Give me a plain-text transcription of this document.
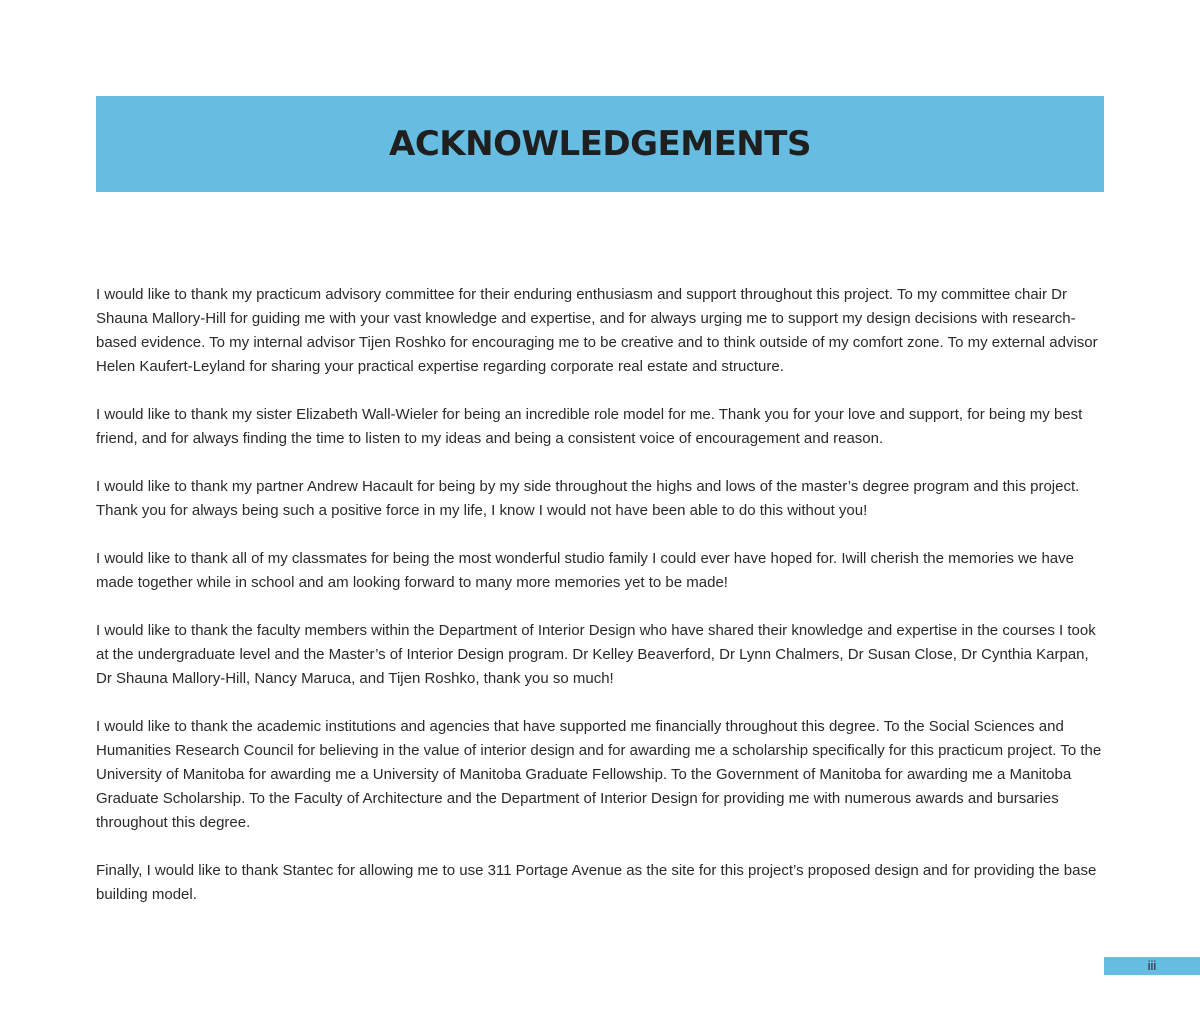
ACKNOWLEDGEMENTS

I would like to thank my practicum advisory committee for their enduring enthusiasm and support throughout this project. To my committee chair Dr Shauna Mallory-Hill for guiding me with your vast knowledge and expertise, and for always urging me to support my design decisions with research-based evidence. To my internal advisor Tijen Roshko for encouraging me to be creative and to think outside of my comfort zone. To my external advisor Helen Kaufert-Leyland for sharing your practical expertise regarding corporate real estate and structure.

I would like to thank my sister Elizabeth Wall-Wieler for being an incredible role model for me. Thank you for your love and support, for being my best friend, and for always finding the time to listen to my ideas and being a consistent voice of encouragement and reason.

I would like to thank my partner Andrew Hacault for being by my side throughout the highs and lows of the master’s degree program and this project. Thank you for always being such a positive force in my life, I know I would not have been able to do this without you!

I would like to thank all of my classmates for being the most wonderful studio family I could ever have hoped for. Iwill cherish the memories we have made together while in school and am looking forward to many more memories yet to be made!

I would like to thank the faculty members within the Department of Interior Design who have shared their knowledge and expertise in the courses I took at the undergraduate level and the Master’s of Interior Design program. Dr Kelley Beaverford, Dr Lynn Chalmers, Dr Susan Close, Dr Cynthia Karpan, Dr Shauna Mallory-Hill, Nancy Maruca, and Tijen Roshko, thank you so much!

I would like to thank the academic institutions and agencies that have supported me financially throughout this degree. To the Social Sciences and Humanities Research Council for believing in the value of interior design and for awarding me a scholarship specifically for this practicum project. To the University of Manitoba for awarding me a University of Manitoba Graduate Fellowship. To the Government of Manitoba for awarding me a Manitoba Graduate Scholarship. To the Faculty of Architecture and the Department of Interior Design for providing me with numerous awards and bursaries throughout this degree.

Finally, I would like to thank Stantec for allowing me to use 311 Portage Avenue as the site for this project’s proposed design and for providing the base building model.

iii
